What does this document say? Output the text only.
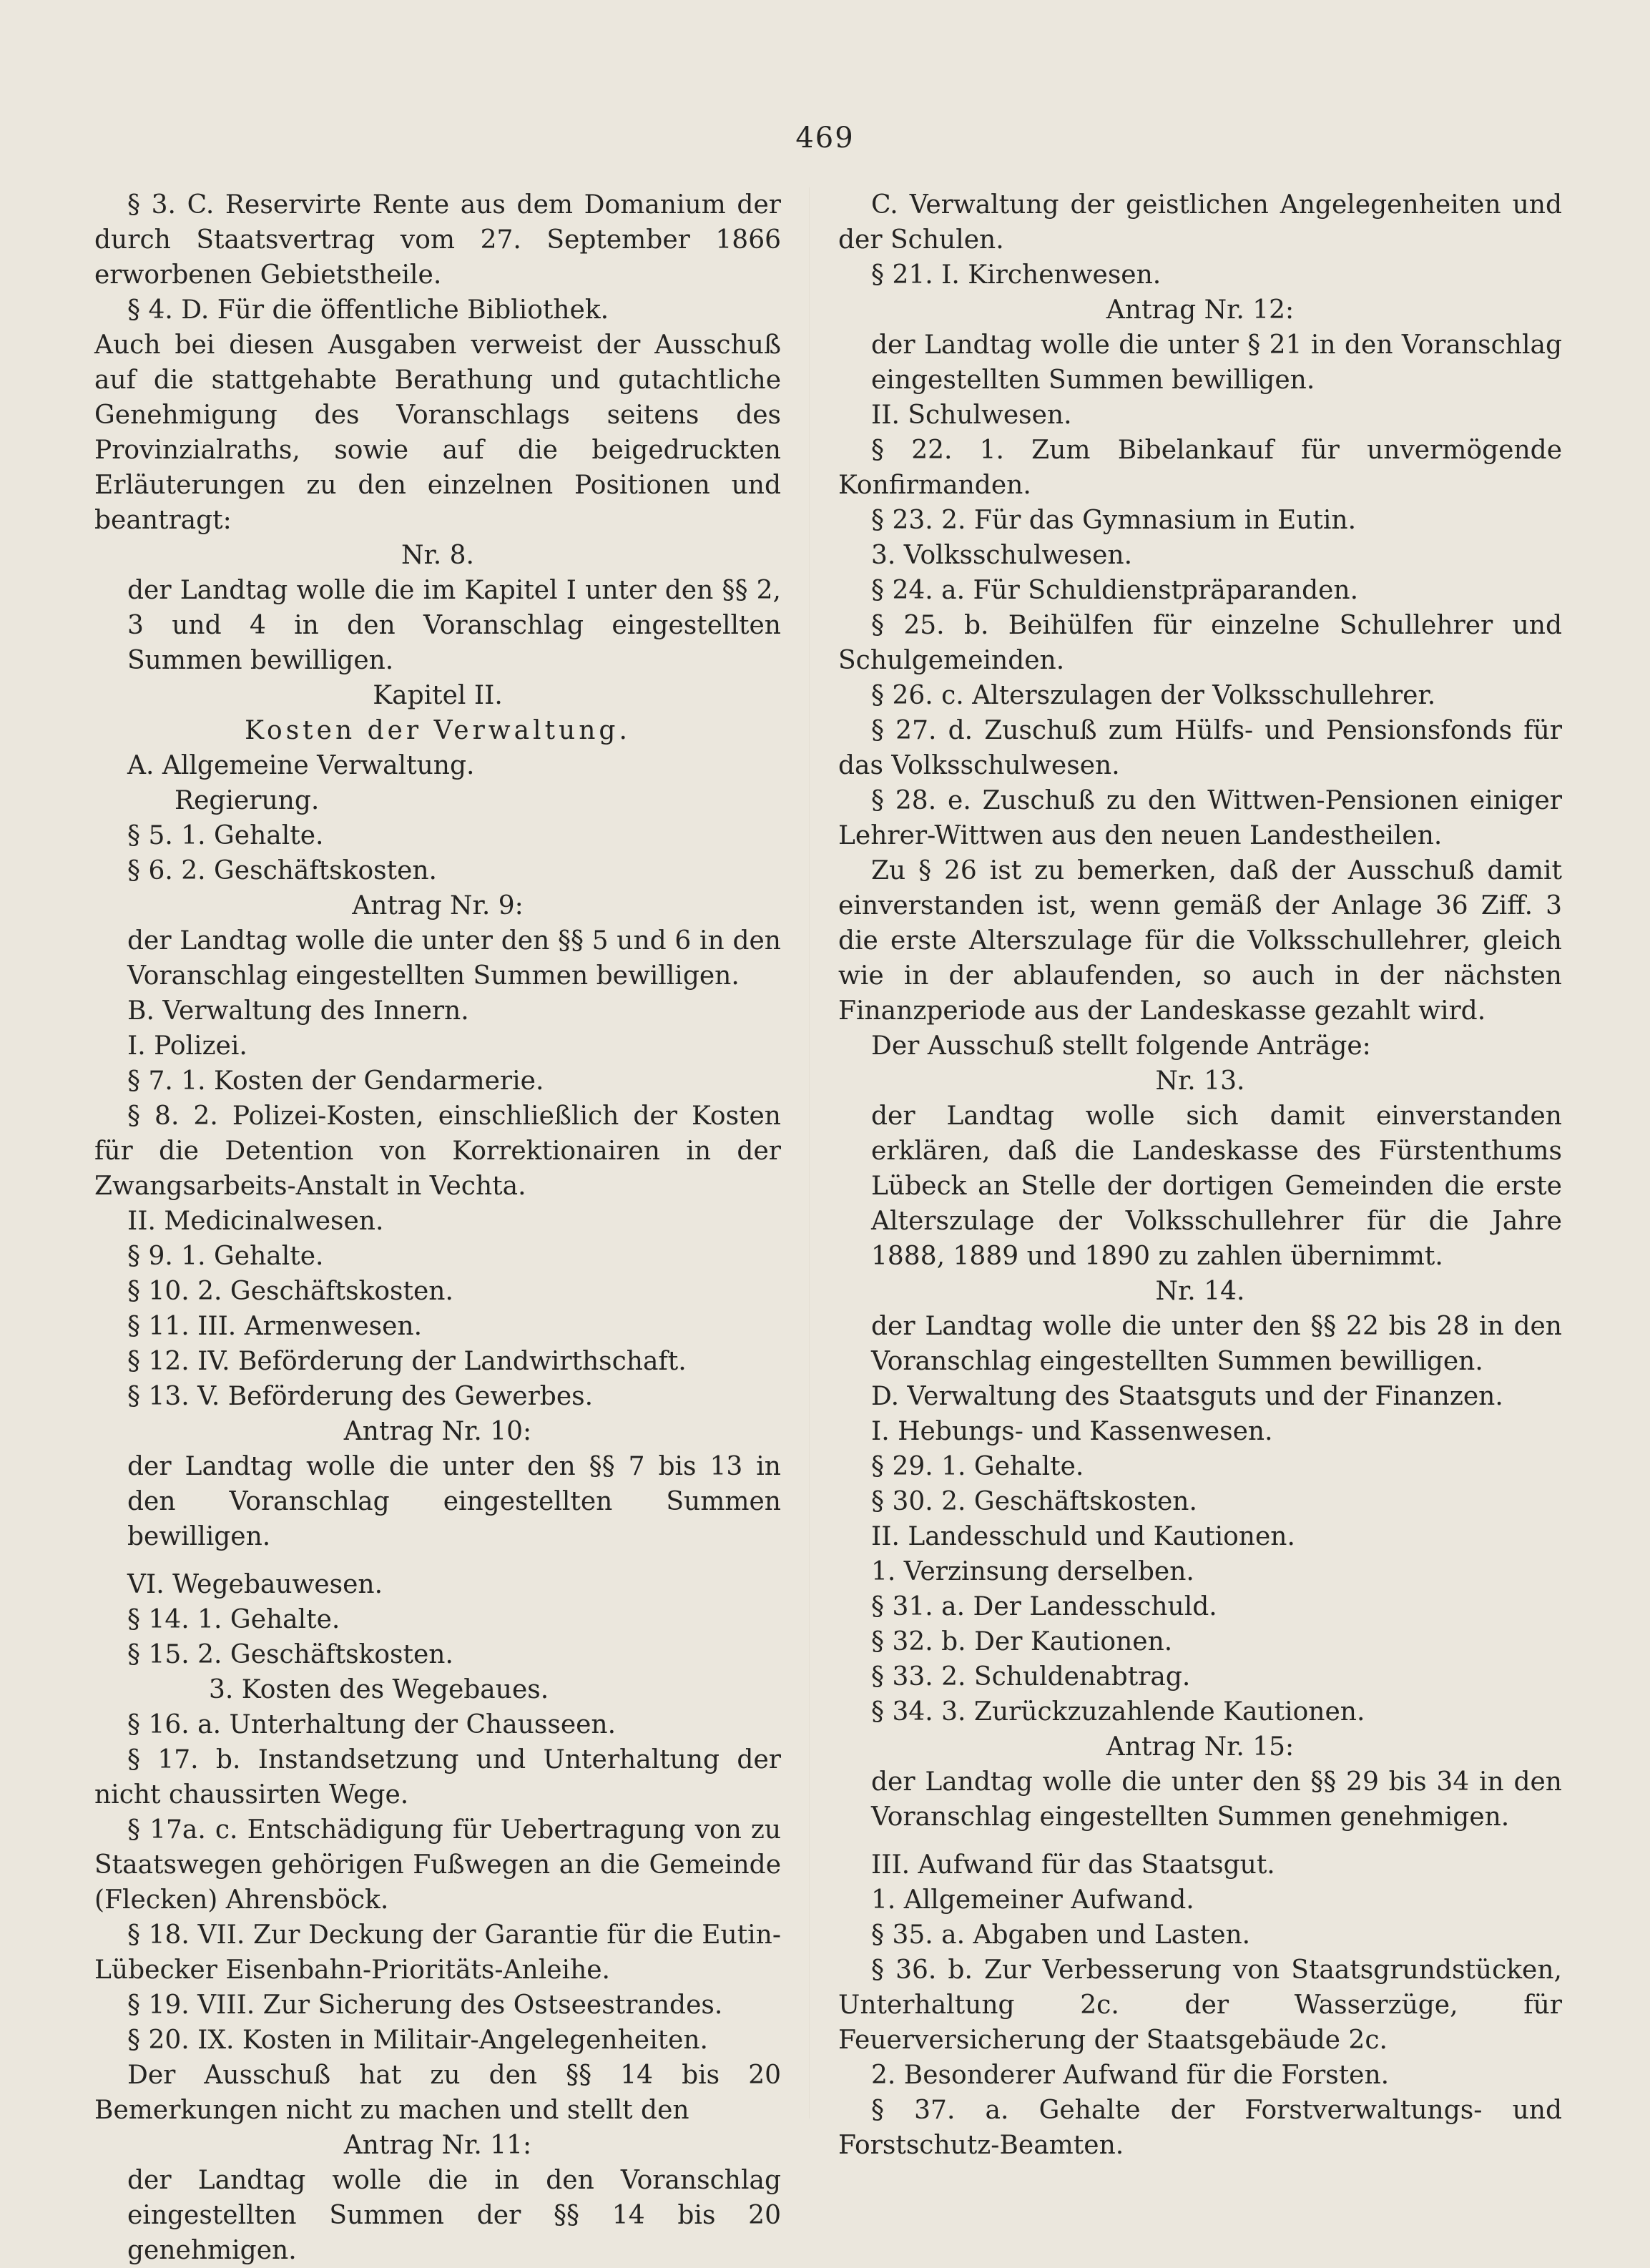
469

§ 3. C. Reservirte Rente aus dem Domanium der durch Staatsvertrag vom 27. September 1866 erworbenen Gebietstheile.

§ 4. D. Für die öffentliche Bibliothek.

Auch bei diesen Ausgaben verweist der Ausschuß auf die stattgehabte Berathung und gutachtliche Genehmigung des Voranschlags seitens des Provinzialraths, sowie auf die beigedruckten Erläuterungen zu den einzelnen Positionen und beantragt:

Nr. 8.

der Landtag wolle die im Kapitel I unter den §§ 2, 3 und 4 in den Voranschlag eingestellten Summen bewilligen.

Kapitel II.

Kosten der Verwaltung.

A. Allgemeine Verwaltung.

Regierung.

§ 5. 1. Gehalte.

§ 6. 2. Geschäftskosten.

Antrag Nr. 9:

der Landtag wolle die unter den §§ 5 und 6 in den Voranschlag eingestellten Summen bewilligen.

B. Verwaltung des Innern.

I. Polizei.

§ 7. 1. Kosten der Gendarmerie.

§ 8. 2. Polizei-Kosten, einschließlich der Kosten für die Detention von Korrektionairen in der Zwangsarbeits-Anstalt in Vechta.

II. Medicinalwesen.

§ 9. 1. Gehalte.

§ 10. 2. Geschäftskosten.

§ 11. III. Armenwesen.

§ 12. IV. Beförderung der Landwirthschaft.

§ 13. V. Beförderung des Gewerbes.

Antrag Nr. 10:

der Landtag wolle die unter den §§ 7 bis 13 in den Voranschlag eingestellten Summen bewilligen.

VI. Wegebauwesen.

§ 14. 1. Gehalte.

§ 15. 2. Geschäftskosten.

3. Kosten des Wegebaues.

§ 16. a. Unterhaltung der Chausseen.

§ 17. b. Instandsetzung und Unterhaltung der nicht chaussirten Wege.

§ 17a. c. Entschädigung für Uebertragung von zu Staatswegen gehörigen Fußwegen an die Gemeinde (Flecken) Ahrensböck.

§ 18. VII. Zur Deckung der Garantie für die Eutin-Lübecker Eisenbahn-Prioritäts-Anleihe.

§ 19. VIII. Zur Sicherung des Ostseestrandes.

§ 20. IX. Kosten in Militair-Angelegenheiten.

Der Ausschuß hat zu den §§ 14 bis 20 Bemerkungen nicht zu machen und stellt den

Antrag Nr. 11:

der Landtag wolle die in den Voranschlag eingestellten Summen der §§ 14 bis 20 genehmigen.

C. Verwaltung der geistlichen Angelegenheiten und der Schulen.

§ 21. I. Kirchenwesen.

Antrag Nr. 12:

der Landtag wolle die unter § 21 in den Voranschlag eingestellten Summen bewilligen.

II. Schulwesen.

§ 22. 1. Zum Bibelankauf für unvermögende Konfirmanden.

§ 23. 2. Für das Gymnasium in Eutin.

3. Volksschulwesen.

§ 24. a. Für Schuldienstpräparanden.

§ 25. b. Beihülfen für einzelne Schullehrer und Schulgemeinden.

§ 26. c. Alterszulagen der Volksschullehrer.

§ 27. d. Zuschuß zum Hülfs- und Pensionsfonds für das Volksschulwesen.

§ 28. e. Zuschuß zu den Wittwen-Pensionen einiger Lehrer-Wittwen aus den neuen Landestheilen.

Zu § 26 ist zu bemerken, daß der Ausschuß damit einverstanden ist, wenn gemäß der Anlage 36 Ziff. 3 die erste Alterszulage für die Volksschullehrer, gleich wie in der ablaufenden, so auch in der nächsten Finanzperiode aus der Landeskasse gezahlt wird.

Der Ausschuß stellt folgende Anträge:

Nr. 13.

der Landtag wolle sich damit einverstanden erklären, daß die Landeskasse des Fürstenthums Lübeck an Stelle der dortigen Gemeinden die erste Alterszulage der Volksschullehrer für die Jahre 1888, 1889 und 1890 zu zahlen übernimmt.

Nr. 14.

der Landtag wolle die unter den §§ 22 bis 28 in den Voranschlag eingestellten Summen bewilligen.

D. Verwaltung des Staatsguts und der Finanzen.

I. Hebungs- und Kassenwesen.

§ 29. 1. Gehalte.

§ 30. 2. Geschäftskosten.

II. Landesschuld und Kautionen.

1. Verzinsung derselben.

§ 31. a. Der Landesschuld.

§ 32. b. Der Kautionen.

§ 33. 2. Schuldenabtrag.

§ 34. 3. Zurückzuzahlende Kautionen.

Antrag Nr. 15:

der Landtag wolle die unter den §§ 29 bis 34 in den Voranschlag eingestellten Summen genehmigen.

III. Aufwand für das Staatsgut.

1. Allgemeiner Aufwand.

§ 35. a. Abgaben und Lasten.

§ 36. b. Zur Verbesserung von Staatsgrundstücken, Unterhaltung 2c. der Wasserzüge, für Feuerversicherung der Staatsgebäude 2c.

2. Besonderer Aufwand für die Forsten.

§ 37. a. Gehalte der Forstverwaltungs- und Forstschutz-Beamten.
